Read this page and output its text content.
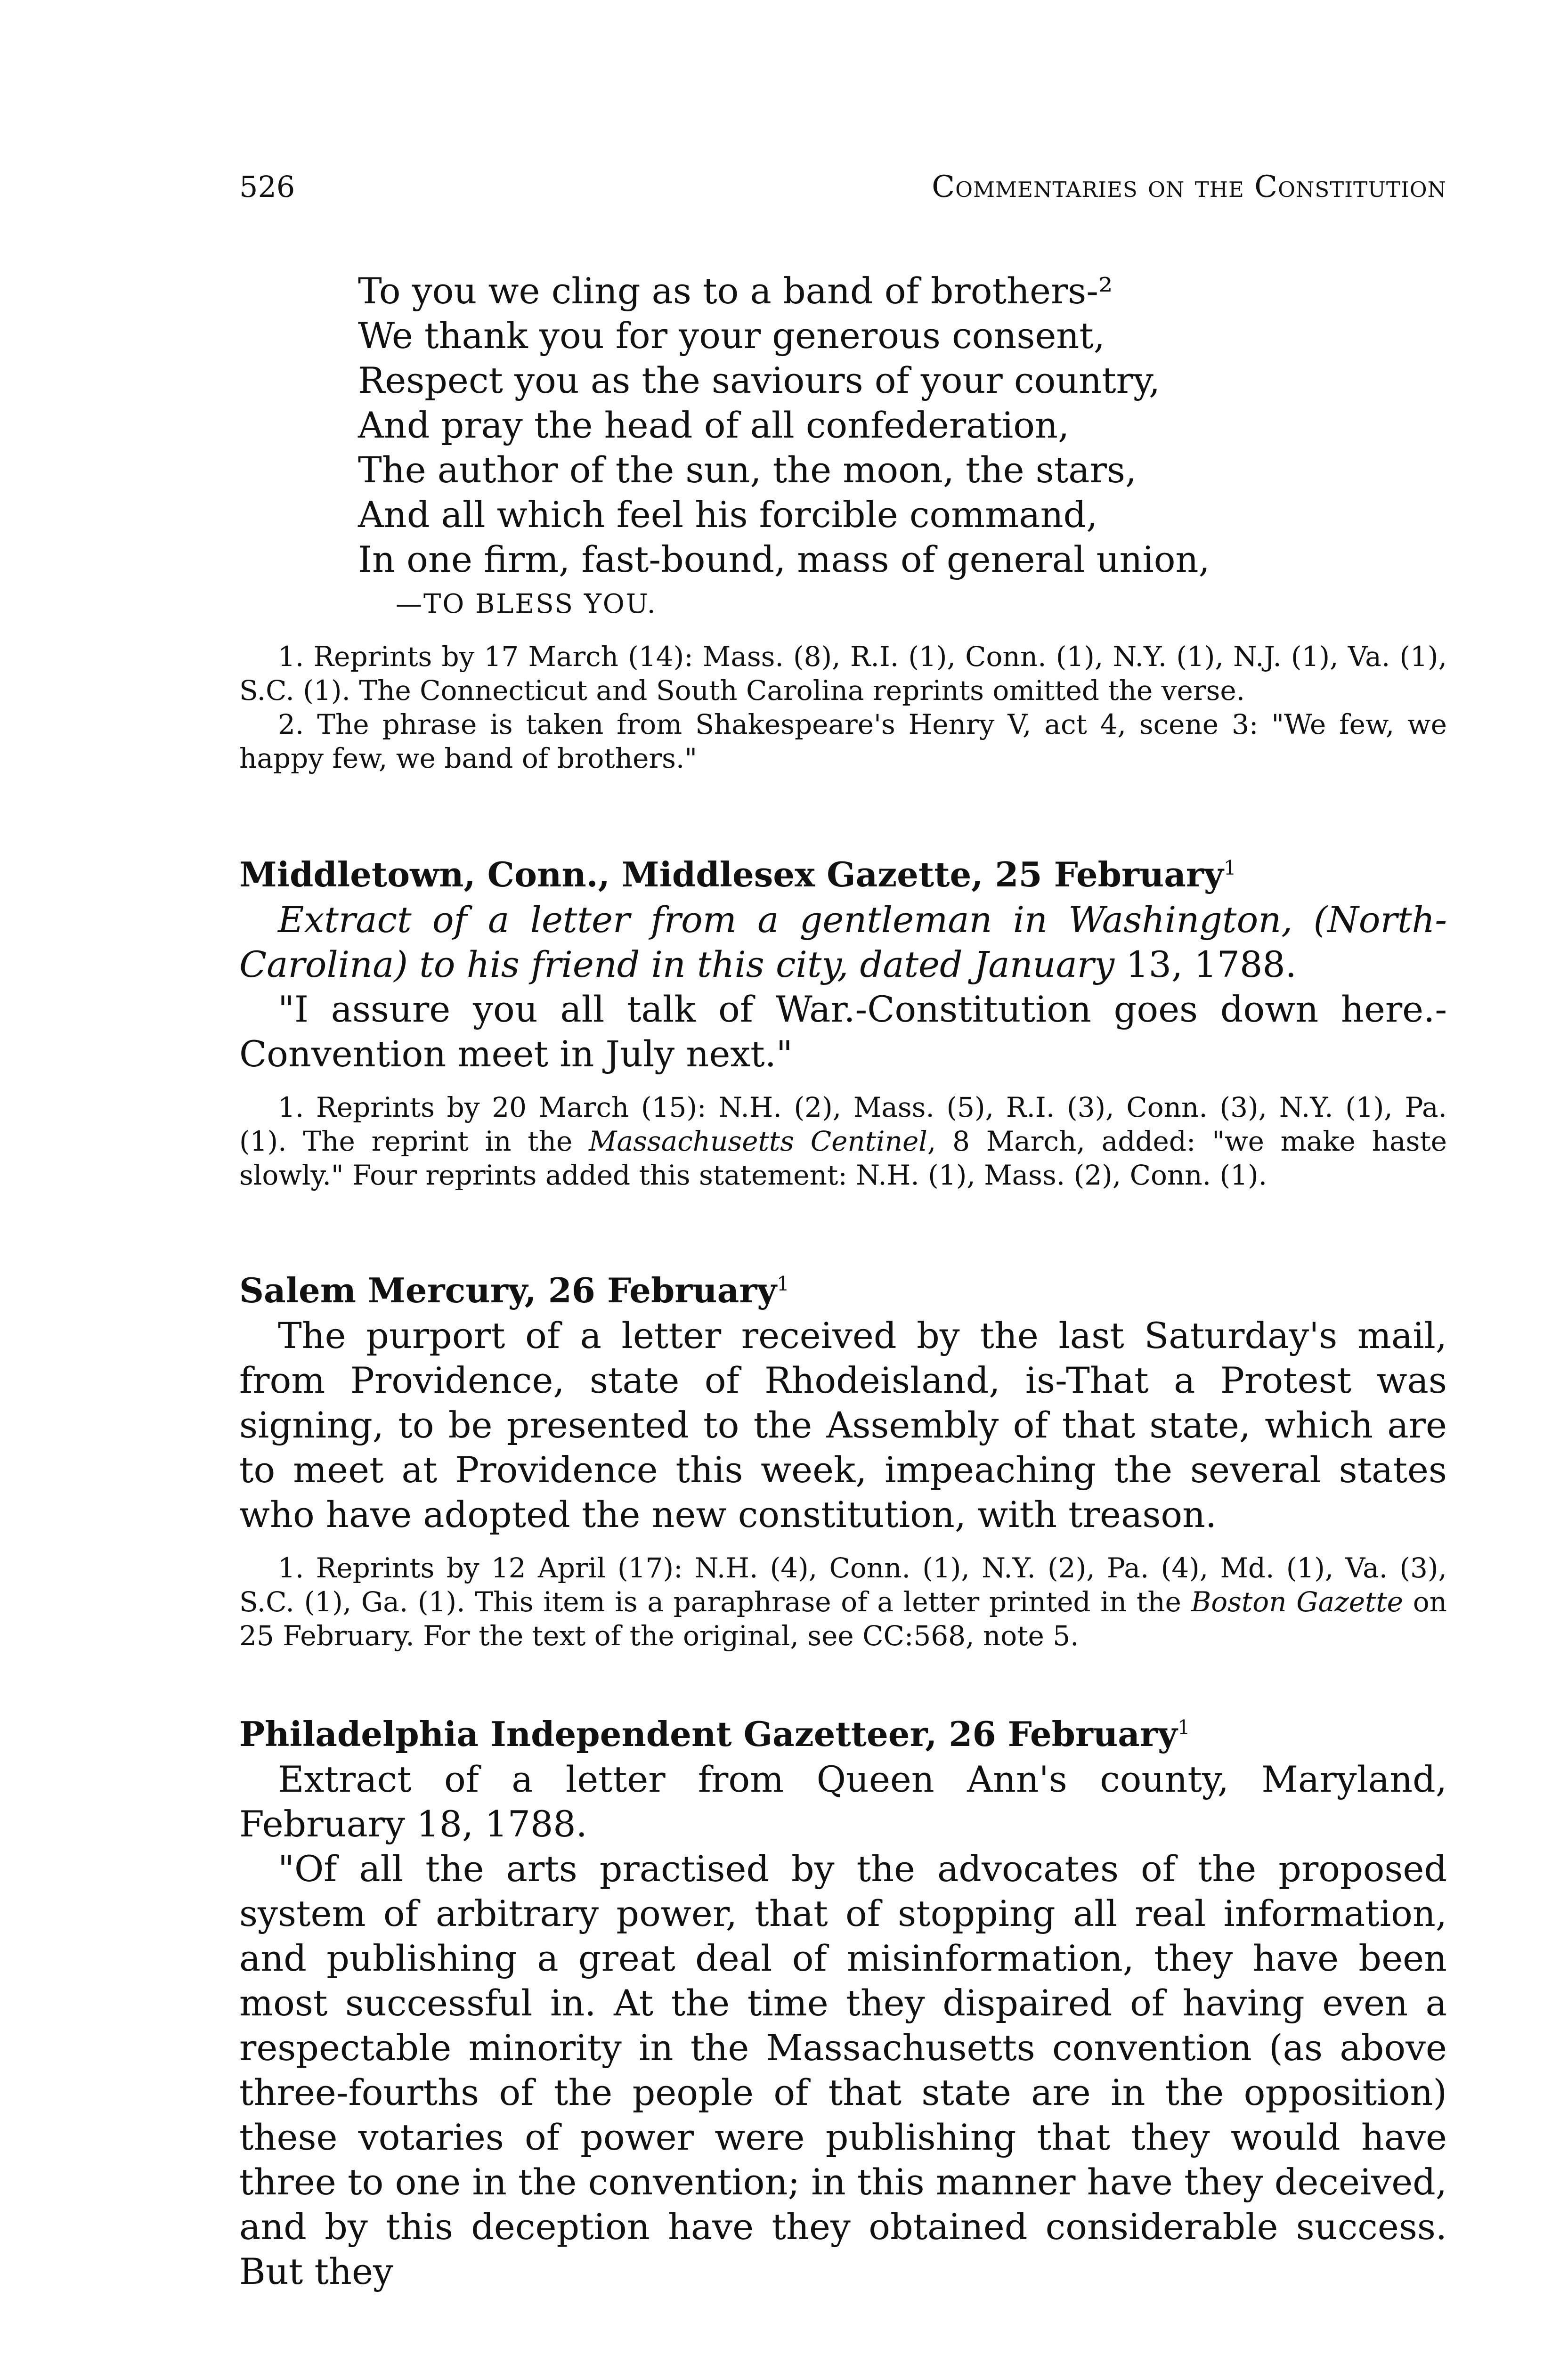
526	Commentaries on the Constitution
To you we cling as to a band of brothers-²
We thank you for your generous consent,
Respect you as the saviours of your country,
And pray the head of all confederation,
The author of the sun, the moon, the stars,
And all which feel his forcible command,
In one firm, fast-bound, mass of general union,
—TO BLESS YOU.

1. Reprints by 17 March (14): Mass. (8), R.I. (1), Conn. (1), N.Y. (1), N.J. (1), Va. (1), S.C. (1). The Connecticut and South Carolina reprints omitted the verse.

2. The phrase is taken from Shakespeare's Henry V, act 4, scene 3: "We few, we happy few, we band of brothers."

Middletown, Conn., Middlesex Gazette, 25 February$^1$

Extract of a letter from a gentleman in Washington, (North-Carolina) to his friend in this city, dated January 13, 1788.

"I assure you all talk of War.-Constitution goes down here.-Convention meet in July next."

1. Reprints by 20 March (15): N.H. (2), Mass. (5), R.I. (3), Conn. (3), N.Y. (1), Pa. (1). The reprint in the Massachusetts Centinel, 8 March, added: "we make haste slowly." Four reprints added this statement: N.H. (1), Mass. (2), Conn. (1).

Salem Mercury, 26 February$^1$

The purport of a letter received by the last Saturday's mail, from Providence, state of Rhodeisland, is-That a Protest was signing, to be presented to the Assembly of that state, which are to meet at Providence this week, impeaching the several states who have adopted the new constitution, with treason.

1. Reprints by 12 April (17): N.H. (4), Conn. (1), N.Y. (2), Pa. (4), Md. (1), Va. (3), S.C. (1), Ga. (1). This item is a paraphrase of a letter printed in the Boston Gazette on 25 February. For the text of the original, see CC:568, note 5.

Philadelphia Independent Gazetteer, 26 February$^1$

Extract of a letter from Queen Ann's county, Maryland, February 18, 1788.

"Of all the arts practised by the advocates of the proposed system of arbitrary power, that of stopping all real information, and publishing a great deal of misinformation, they have been most successful in. At the time they dispaired of having even a respectable minority in the Massachusetts convention (as above three-fourths of the people of that state are in the opposition) these votaries of power were publishing that they would have three to one in the convention; in this manner have they deceived, and by this deception have they obtained considerable success. But they
